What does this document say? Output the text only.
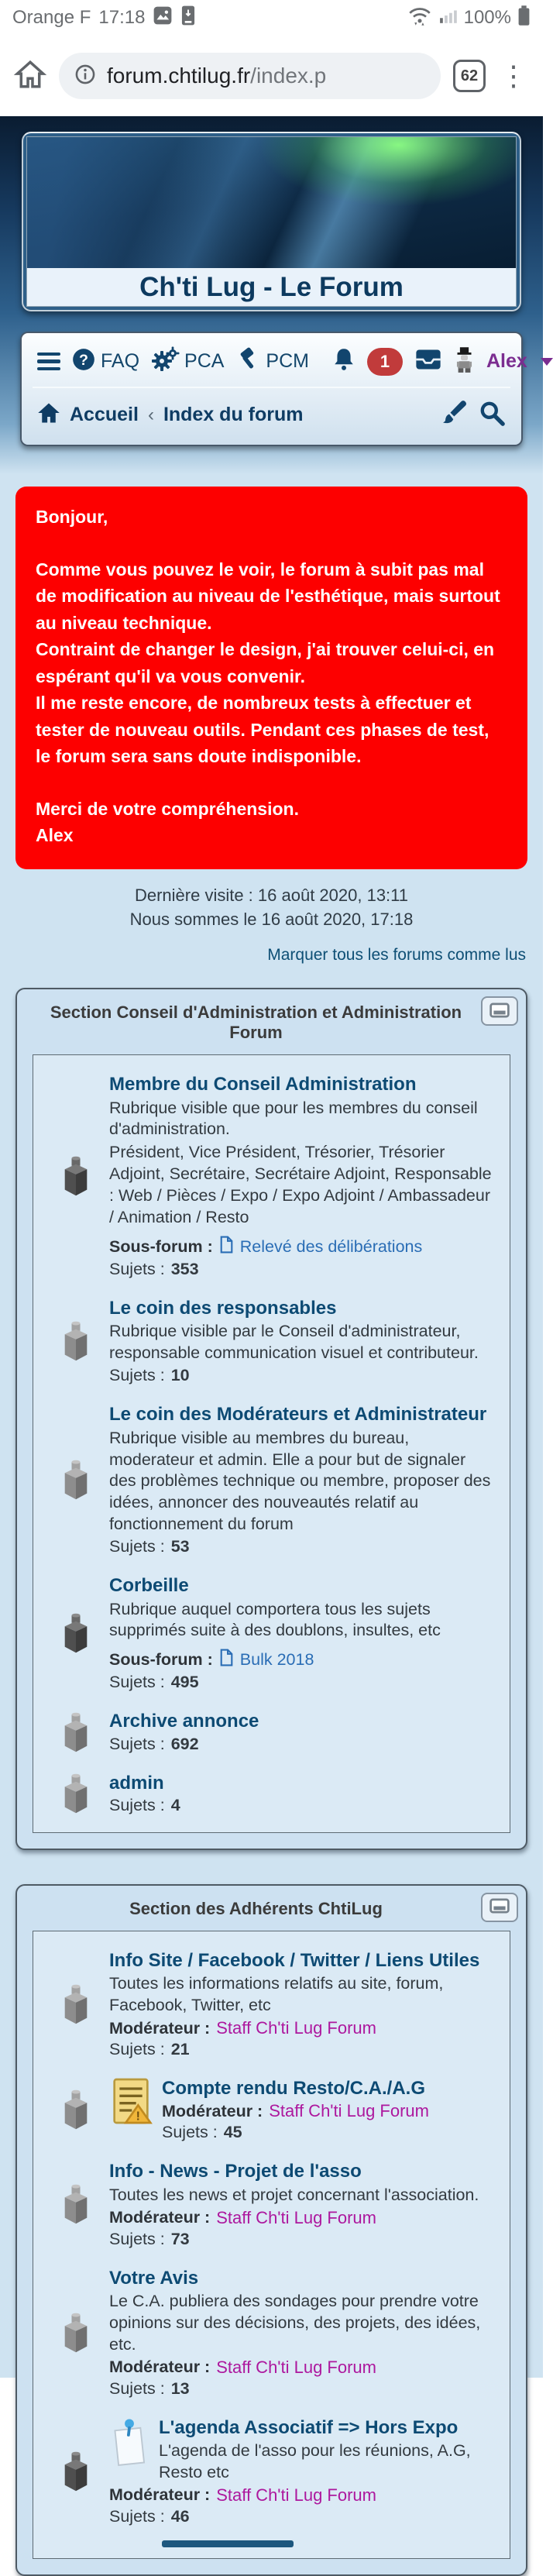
Orange F 17:18	100%
forum.chtilug.fr/index.p	62 ⋮
Ch'ti Lug - Le Forum
? FAQ PCA PCM	1	Alex
Accueil ‹ Index du forum

Bonjour,

Comme vous pouvez le voir, le forum à subit pas mal de modification au niveau de l'esthétique, mais surtout au niveau technique.

Contraint de changer le design, j'ai trouver celui-ci, en espérant qu'il va vous convenir.

Il me reste encore, de nombreux tests à effectuer et tester de nouveau outils. Pendant ces phases de test, le forum sera sans doute indisponible.

Merci de votre compréhension.

Alex

Dernière visite : 16 août 2020, 13:11
Nous sommes le 16 août 2020, 17:18
Marquer tous les forums comme lus
Section Conseil d'Administration et Administration Forum
Membre du Conseil Administration
Rubrique visible que pour les membres du conseil d'administration.
Président, Vice Président, Trésorier, Trésorier Adjoint, Secrétaire, Secrétaire Adjoint, Responsable : Web / Pièces / Expo / Expo Adjoint / Ambassadeur / Animation / Resto
Sous-forum : Relevé des délibérations
Sujets : 353
Le coin des responsables
Rubrique visible par le Conseil d'administrateur, responsable communication visuel et contributeur.
Sujets : 10
Le coin des Modérateurs et Administrateur
Rubrique visible au membres du bureau, moderateur et admin. Elle a pour but de signaler des problèmes technique ou membre, proposer des idées, annoncer des nouveautés relatif au fonctionnement du forum
Sujets : 53
Corbeille
Rubrique auquel comportera tous les sujets supprimés suite à des doublons, insultes, etc
Sous-forum : Bulk 2018
Sujets : 495
Archive annonce
Sujets : 692
admin
Sujets : 4
Section des Adhérents ChtiLug
Info Site / Facebook / Twitter / Liens Utiles
Toutes les informations relatifs au site, forum, Facebook, Twitter, etc
Modérateur : Staff Ch'ti Lug Forum
Sujets : 21
!
Compte rendu Resto/C.A./A.G
Modérateur : Staff Ch'ti Lug Forum
Sujets : 45
Info - News - Projet de l'asso
Toutes les news et projet concernant l'association.
Modérateur : Staff Ch'ti Lug Forum
Sujets : 73
Votre Avis
Le C.A. publiera des sondages pour prendre votre opinions sur des décisions, des projets, des idées, etc.
Modérateur : Staff Ch'ti Lug Forum
Sujets : 13
L'agenda Associatif => Hors Expo
L'agenda de l'asso pour les réunions, A.G, Resto etc
Modérateur : Staff Ch'ti Lug Forum
Sujets : 46
